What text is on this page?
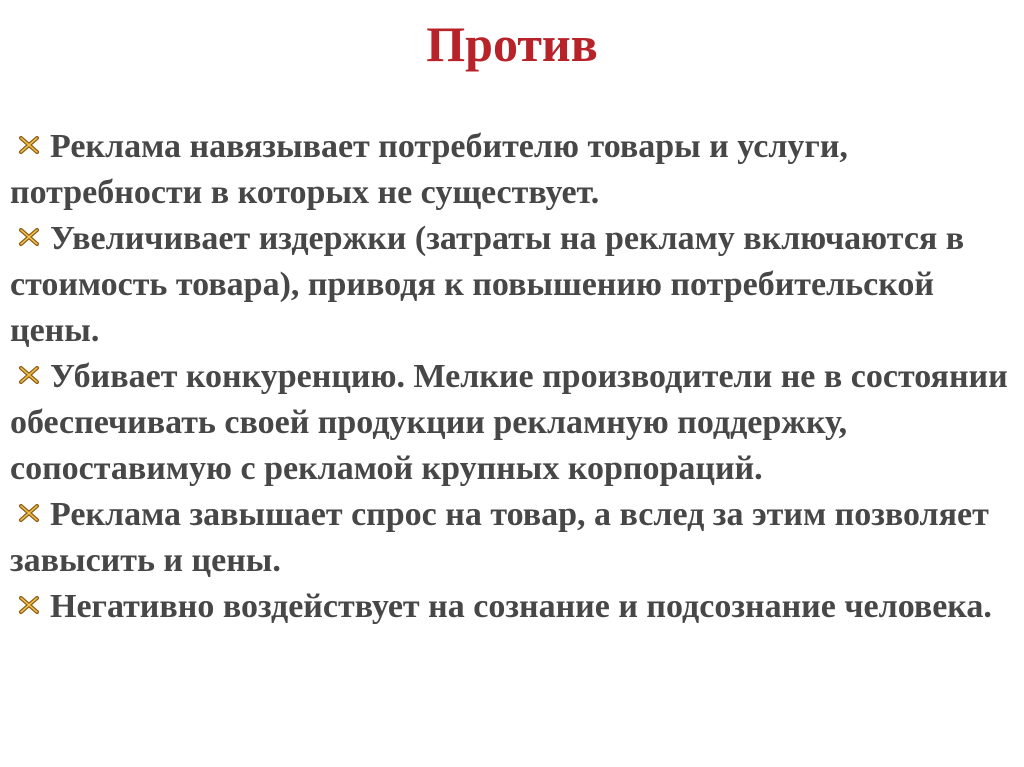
Против

Реклама навязывает потребителю товары и услуги, потребности в которых не существует.

Увеличивает издержки (затраты на рекламу включаются в стоимость товара), приводя к повышению потребительской цены.

Убивает конкуренцию. Мелкие производители не в состоянии обеспечивать своей продукции рекламную поддержку, сопоставимую с рекламой крупных корпораций.

Реклама завышает спрос на товар, а вслед за этим позволяет завысить и цены.

Негативно воздействует на сознание и подсознание человека.
